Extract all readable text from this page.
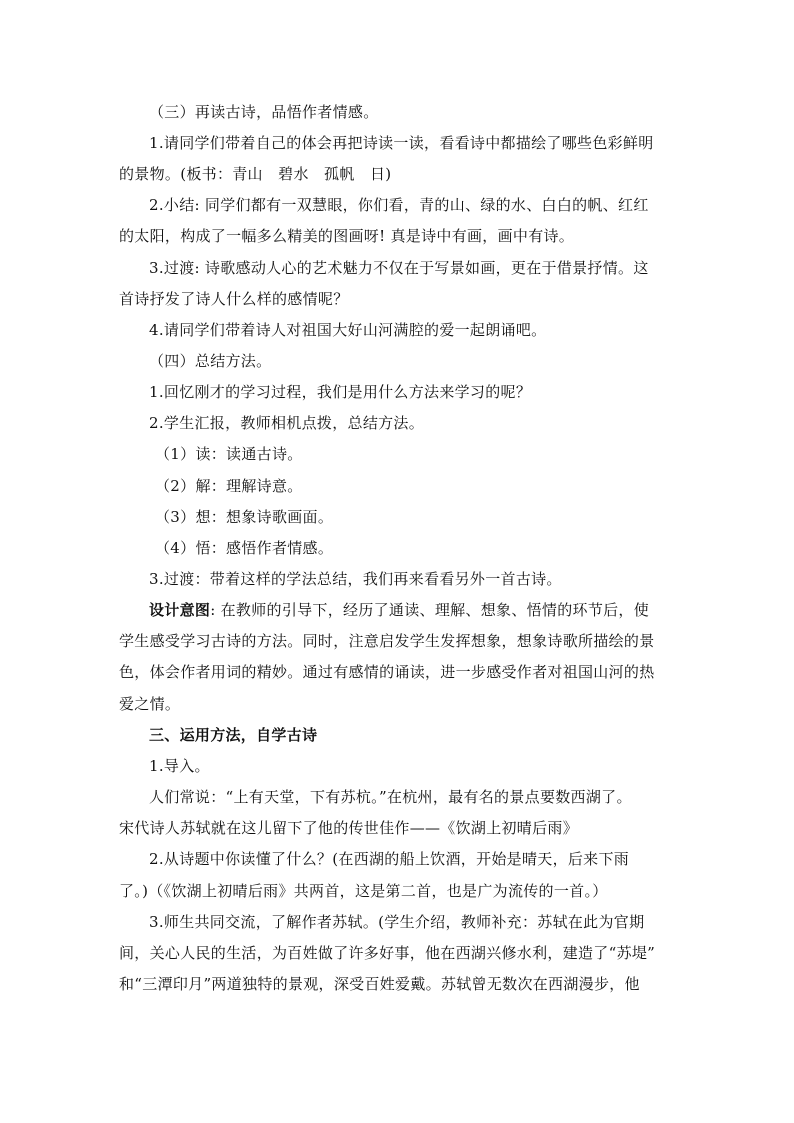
（三）再读古诗，品悟作者情感。
1.请同学们带着自己的体会再把诗读一读，看看诗中都描绘了哪些色彩鲜明
的景物。(板书：青山　碧水　孤帆　日)
2.小结: 同学们都有一双慧眼，你们看，青的山、绿的水、白白的帆、红红
的太阳，构成了一幅多么精美的图画呀! 真是诗中有画，画中有诗。
3.过渡: 诗歌感动人心的艺术魅力不仅在于写景如画，更在于借景抒情。这
首诗抒发了诗人什么样的感情呢？
4.请同学们带着诗人对祖国大好山河满腔的爱一起朗诵吧。
（四）总结方法。
1.回忆刚才的学习过程，我们是用什么方法来学习的呢？
2.学生汇报，教师相机点拨，总结方法。
（1）读：读通古诗。
（2）解：理解诗意。
（3）想：想象诗歌画面。
（4）悟：感悟作者情感。
3.过渡：带着这样的学法总结，我们再来看看另外一首古诗。
设计意图: 在教师的引导下，经历了通读、理解、想象、悟情的环节后，使
学生感受学习古诗的方法。同时，注意启发学生发挥想象，想象诗歌所描绘的景
色，体会作者用词的精妙。通过有感情的诵读，进一步感受作者对祖国山河的热
爱之情。
三、运用方法，自学古诗
1.导入。
人们常说：“上有天堂，下有苏杭。”在杭州，最有名的景点要数西湖了。
宋代诗人苏轼就在这儿留下了他的传世佳作——《饮湖上初晴后雨》
2.从诗题中你读懂了什么？(在西湖的船上饮酒，开始是晴天，后来下雨
了。)（《饮湖上初晴后雨》共两首，这是第二首，也是广为流传的一首。）
3.师生共同交流，了解作者苏轼。(学生介绍，教师补充：苏轼在此为官期
间，关心人民的生活，为百姓做了许多好事，他在西湖兴修水利，建造了“苏堤”
和“三潭印月”两道独特的景观，深受百姓爱戴。苏轼曾无数次在西湖漫步，他
